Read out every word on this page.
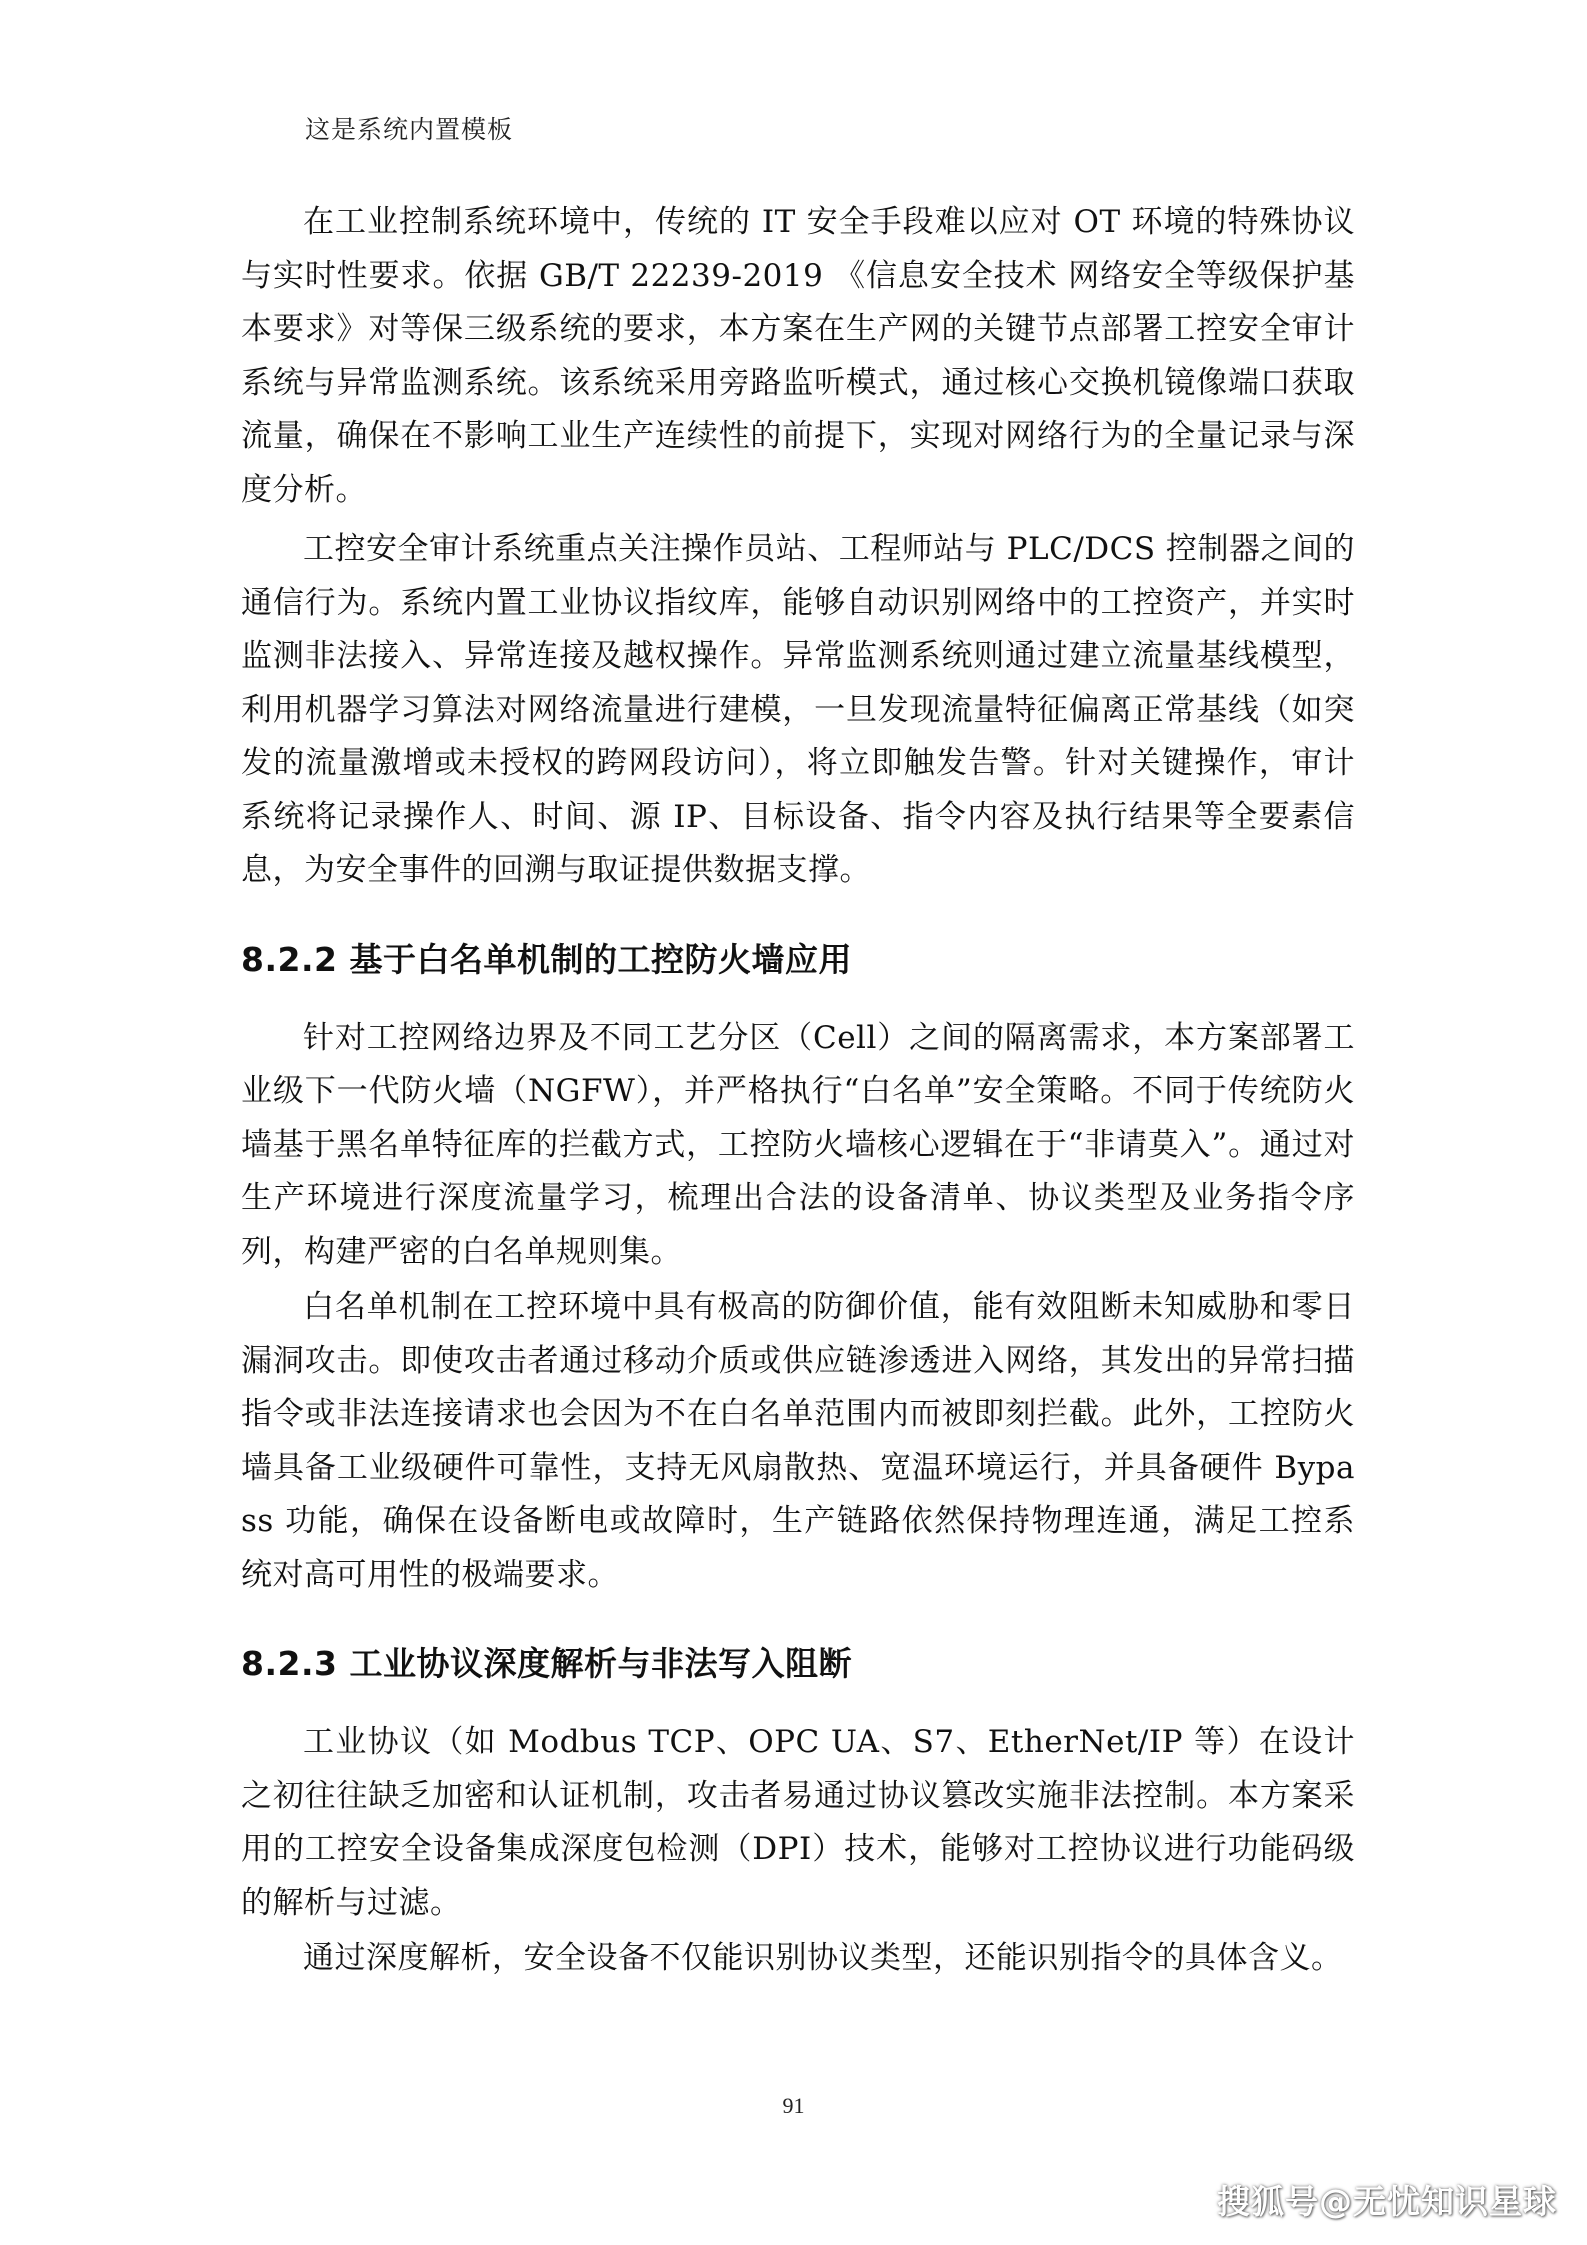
这是系统内置模板

在工业控制系统环境中，传统的 IT 安全手段难以应对 OT 环境的特殊协议与实时性要求。依据 GB/T 22239-2019 《信息安全技术 网络安全等级保护基本要求》对等保三级系统的要求，本方案在生产网的关键节点部署工控安全审计系统与异常监测系统。该系统采用旁路监听模式，通过核心交换机镜像端口获取流量，确保在不影响工业生产连续性的前提下，实现对网络行为的全量记录与深度分析。

工控安全审计系统重点关注操作员站、工程师站与 PLC/DCS 控制器之间的通信行为。系统内置工业协议指纹库，能够自动识别网络中的工控资产，并实时监测非法接入、异常连接及越权操作。异常监测系统则通过建立流量基线模型，利用机器学习算法对网络流量进行建模，一旦发现流量特征偏离正常基线（如突发的流量激增或未授权的跨网段访问），将立即触发告警。针对关键操作，审计系统将记录操作人、时间、源 IP、目标设备、指令内容及执行结果等全要素信息，为安全事件的回溯与取证提供数据支撑。

8.2.2 基于白名单机制的工控防火墙应用

针对工控网络边界及不同工艺分区（Cell）之间的隔离需求，本方案部署工业级下一代防火墙（NGFW），并严格执行“白名单”安全策略。不同于传统防火墙基于黑名单特征库的拦截方式，工控防火墙核心逻辑在于“非请莫入”。通过对生产环境进行深度流量学习，梳理出合法的设备清单、协议类型及业务指令序列，构建严密的白名单规则集。

白名单机制在工控环境中具有极高的防御价值，能有效阻断未知威胁和零日漏洞攻击。即使攻击者通过移动介质或供应链渗透进入网络，其发出的异常扫描指令或非法连接请求也会因为不在白名单范围内而被即刻拦截。此外，工控防火墙具备工业级硬件可靠性，支持无风扇散热、宽温环境运行，并具备硬件 Bypass 功能，确保在设备断电或故障时，生产链路依然保持物理连通，满足工控系统对高可用性的极端要求。

8.2.3 工业协议深度解析与非法写入阻断

工业协议（如 Modbus TCP、OPC UA、S7、EtherNet/IP 等）在设计之初往往缺乏加密和认证机制，攻击者易通过协议篡改实施非法控制。本方案采用的工控安全设备集成深度包检测（DPI）技术，能够对工控协议进行功能码级的解析与过滤。

通过深度解析，安全设备不仅能识别协议类型，还能识别指令的具体含义。

91
搜狐号@无忧知识星球
